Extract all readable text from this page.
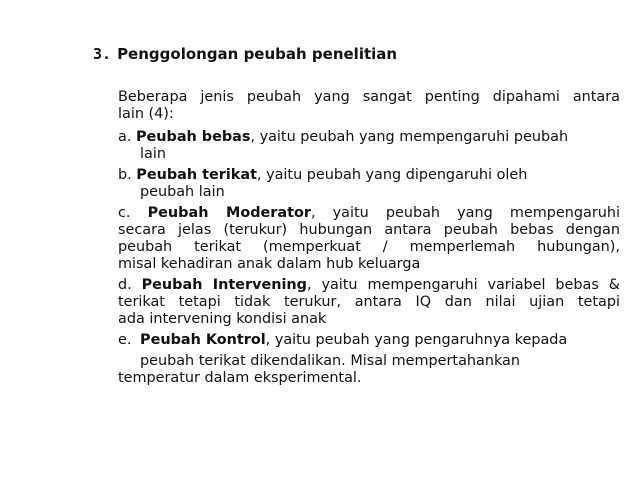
3. Penggolongan peubah penelitian

Beberapa jenis peubah yang sangat penting dipahami antara

lain (4):

a. Peubah bebas, yaitu peubah yang mempengaruhi peubah

lain

b. Peubah terikat, yaitu peubah yang dipengaruhi oleh

peubah lain

c. Peubah Moderator, yaitu peubah yang mempengaruhi

secara jelas (terukur) hubungan antara peubah bebas dengan

peubah terikat (memperkuat / memperlemah hubungan),

misal kehadiran anak dalam hub keluarga

d. Peubah Intervening, yaitu mempengaruhi variabel bebas &

terikat tetapi tidak terukur, antara IQ dan nilai ujian tetapi

ada intervening kondisi anak

e. Peubah Kontrol, yaitu peubah yang pengaruhnya kepada

peubah terikat dikendalikan. Misal mempertahankan

temperatur dalam eksperimental.
